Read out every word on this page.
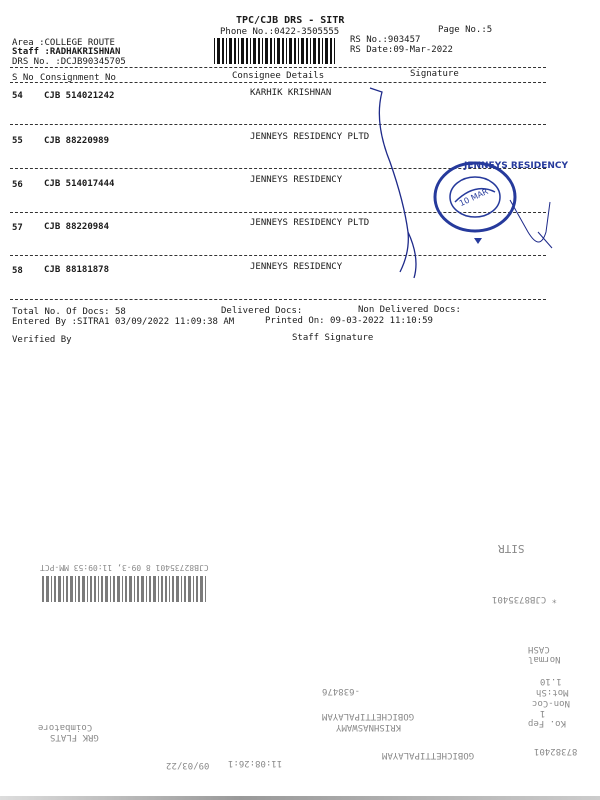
TPC/CJB DRS - SITR
Phone No.:0422-3505555	Page No.:5
Area :COLLEGE ROUTE
Staff :RADHAKRISHNAN
DRS No. :DCJB90345705
RS No.:903457
RS Date:09-Mar-2022
S No Consignment No	Consignee Details	Signature
54 CJB 514021242	KARHIK KRISHNAN
55 CJB 88220989	JENNEYS RESIDENCY PLTD
56 CJB 514017444	JENNEYS RESIDENCY
57 CJB 88220984	JENNEYS RESIDENCY PLTD
58 CJB 88181878	JENNEYS RESIDENCY
Total No. Of Docs: 58	Delivered Docs:	Non Delivered Docs:
Entered By :SITRA1 03/09/2022 11:09:38 AM	Printed On: 09-03-2022 11:10:59
Verified By	Staff Signature
JENNEYS RESIDENCY
10 MAR
SITR
CJB82735401 8 09-3, 11:09:53 MM-PCT
* CJB8735401
CASH
Normal
1.10
Mot:Sh
Non-Coc
1
Ko. Fep
-638476
GOBICHETTIPALAYAM
KRISHNASWAMY
Coimbatore
GRK FLATS
09/03/22 11:08:26:1
GOBICHETTIPALAYAM	87382401
